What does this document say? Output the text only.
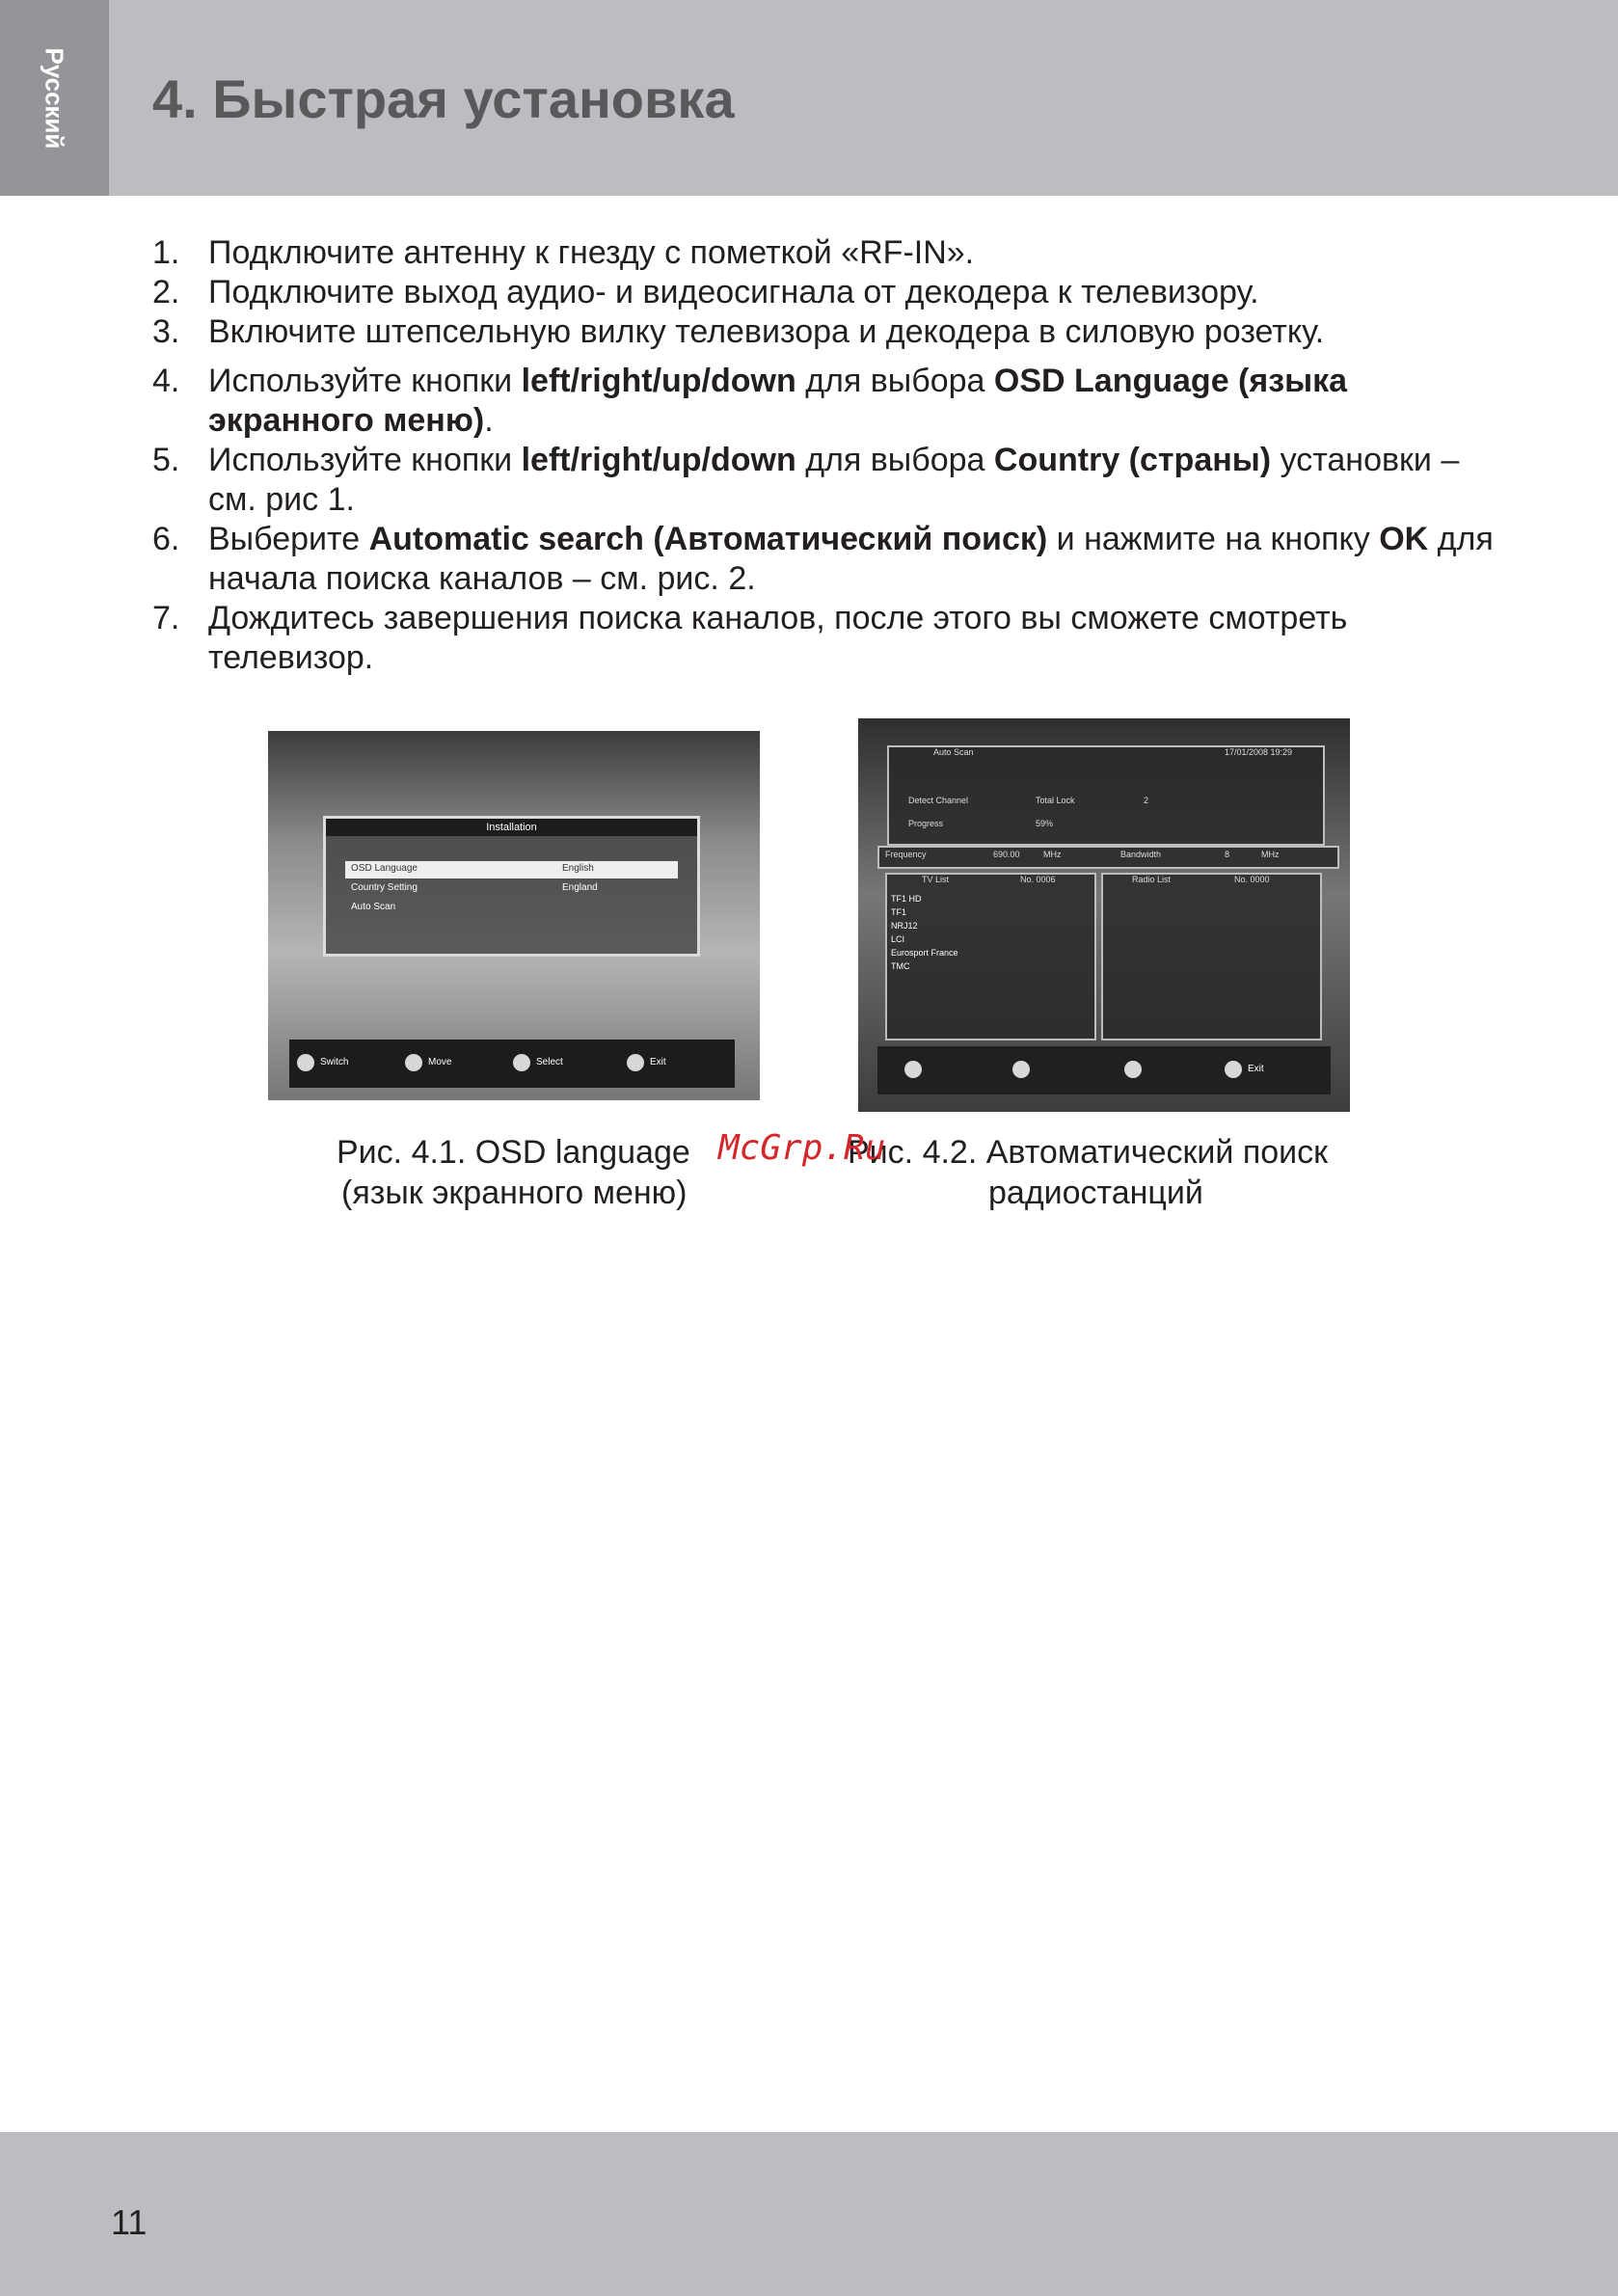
Русский 4. Быстрая установка
1. Подключите антенну к гнезду с пометкой «RF-IN».
2. Подключите выход аудио- и видеосигнала от декодера к телевизору.
3. Включите штепсельную вилку телевизора и декодера в силовую розетку.
4. Используйте кнопки left/right/up/down для выбора OSD Language (языка экранного меню).
5. Используйте кнопки left/right/up/down для выбора Country (страны) установки – см. рис 1.
6. Выберите Automatic search (Автоматический поиск) и нажмите на кнопку OK для начала поиска каналов – см. рис. 2.
7. Дождитесь завершения поиска каналов, после этого вы сможете смотреть телевизор.
Installation
OSD Language	English
Country Setting	England
Auto Scan
Switch	Move	Select	Exit
Auto Scan	17/01/2008 19:29
Detect Channel	Total Lock	2
Progress	59%
Frequency	690.00	MHz	Bandwidth	8	MHz
TV List	No. 0006	Radio List	No. 0000
TF1 HD
TF1
NRJ12
LCI
Eurosport France
TMC
Exit
Рис. 4.1. OSD language
(язык экранного меню)
Рис. 4.2. Автоматический поиск
радиостанций
McGrp.Ru
11
